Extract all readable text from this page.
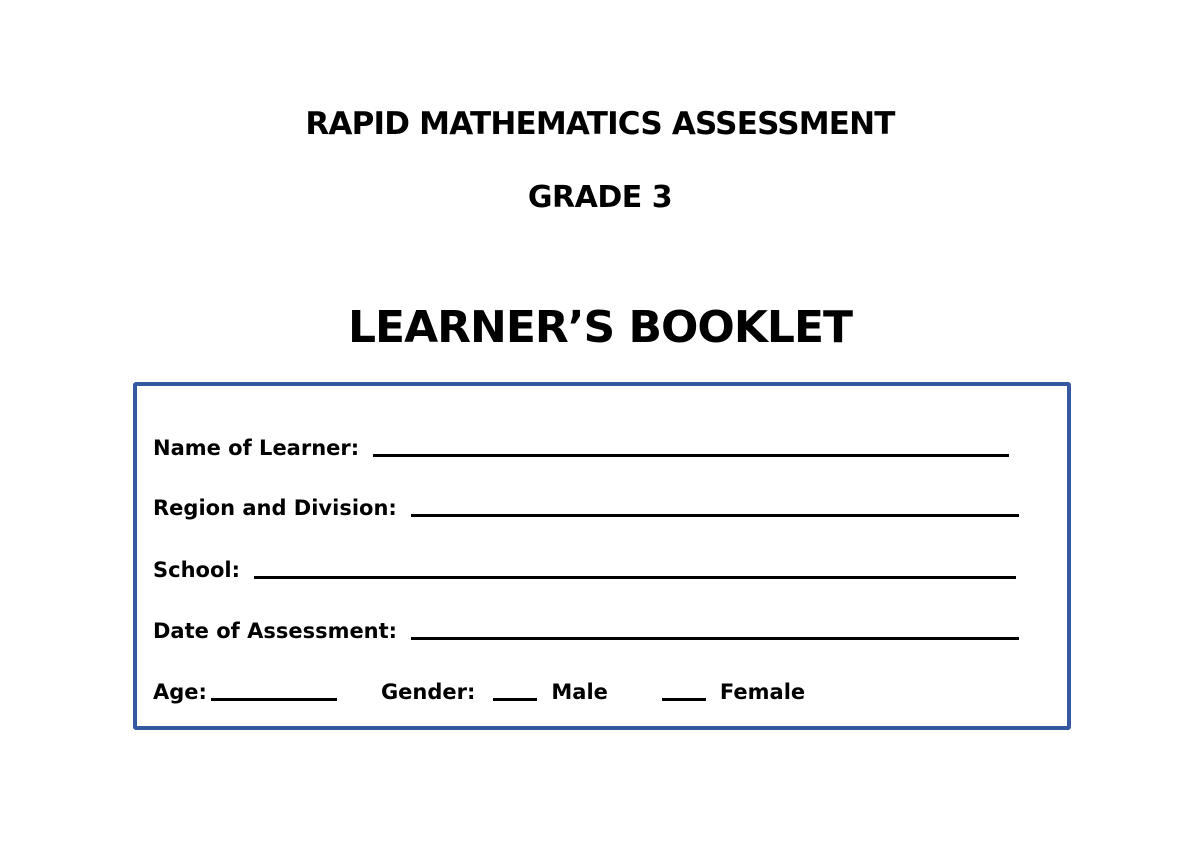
RAPID MATHEMATICS ASSESSMENT
GRADE 3
LEARNER’S BOOKLET
Name of Learner:
Region and Division:
School:
Date of Assessment:
Age:	Gender:	Male	Female
